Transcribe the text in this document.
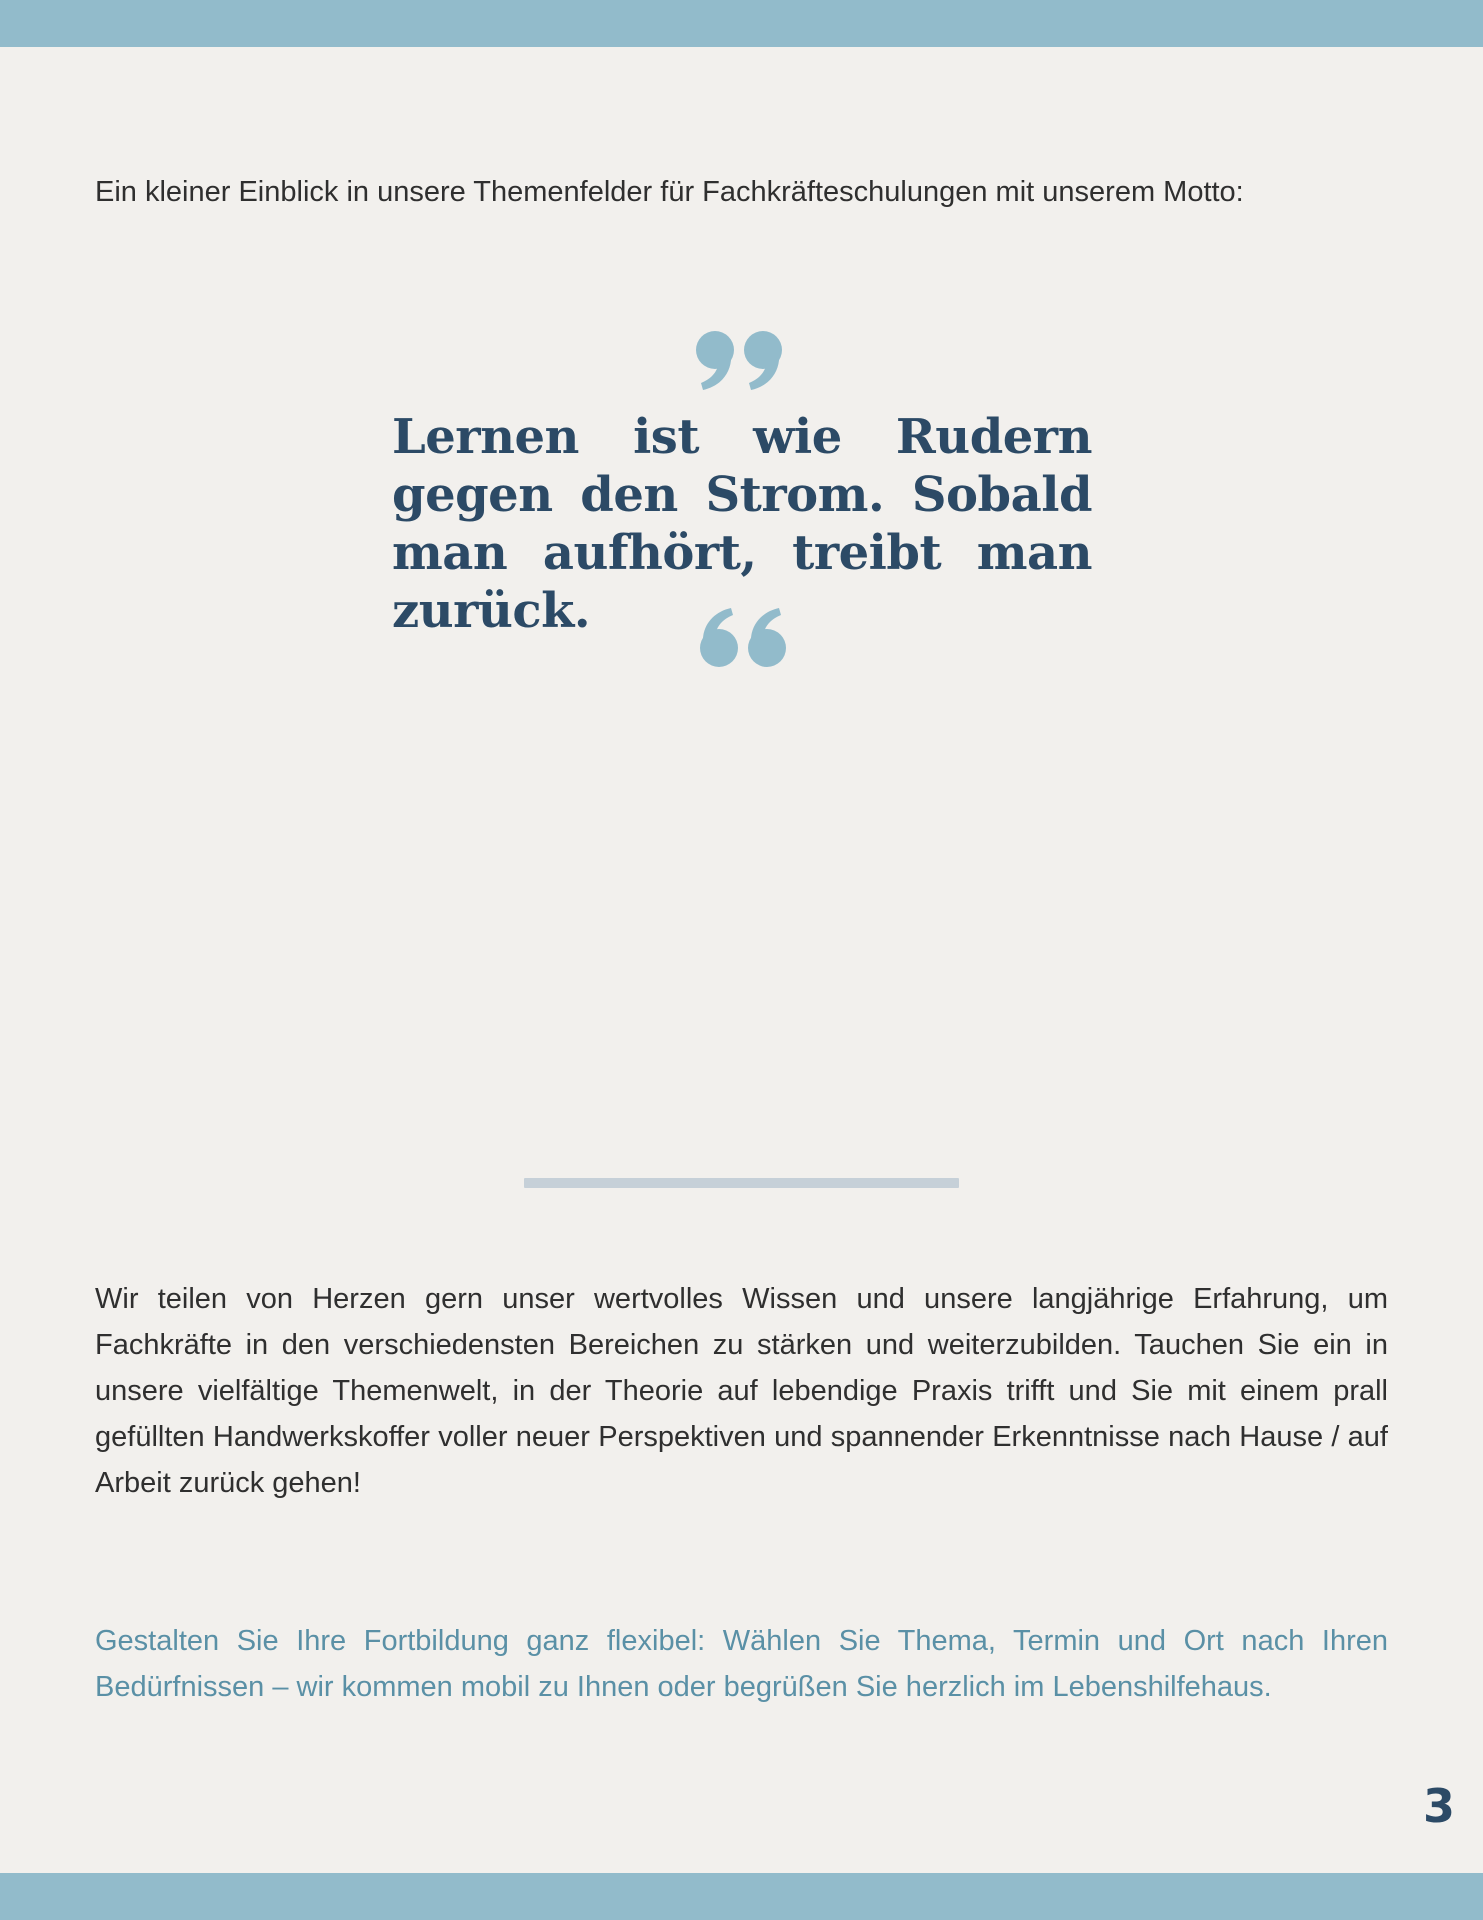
Ein kleiner Einblick in unsere Themenfelder für Fachkräfteschulungen mit unserem Motto:
Lernen ist wie Rudern gegen den Strom. Sobald man aufhört, treibt man zurück.
Wir teilen von Herzen gern unser wertvolles Wissen und unsere langjährige Erfahrung, um Fachkräfte in den verschiedensten Bereichen zu stärken und weiterzubilden. Tauchen Sie ein in unsere vielfältige Themenwelt, in der Theorie auf lebendige Praxis trifft und Sie mit einem prall gefüllten Handwerkskoffer voller neuer Perspektiven und spannender Erkenntnisse nach Hause / auf Arbeit zurück gehen!
Gestalten Sie Ihre Fortbildung ganz flexibel: Wählen Sie Thema, Termin und Ort nach Ihren Bedürfnissen – wir kommen mobil zu Ihnen oder begrüßen Sie herzlich im Lebenshilfehaus.
3
